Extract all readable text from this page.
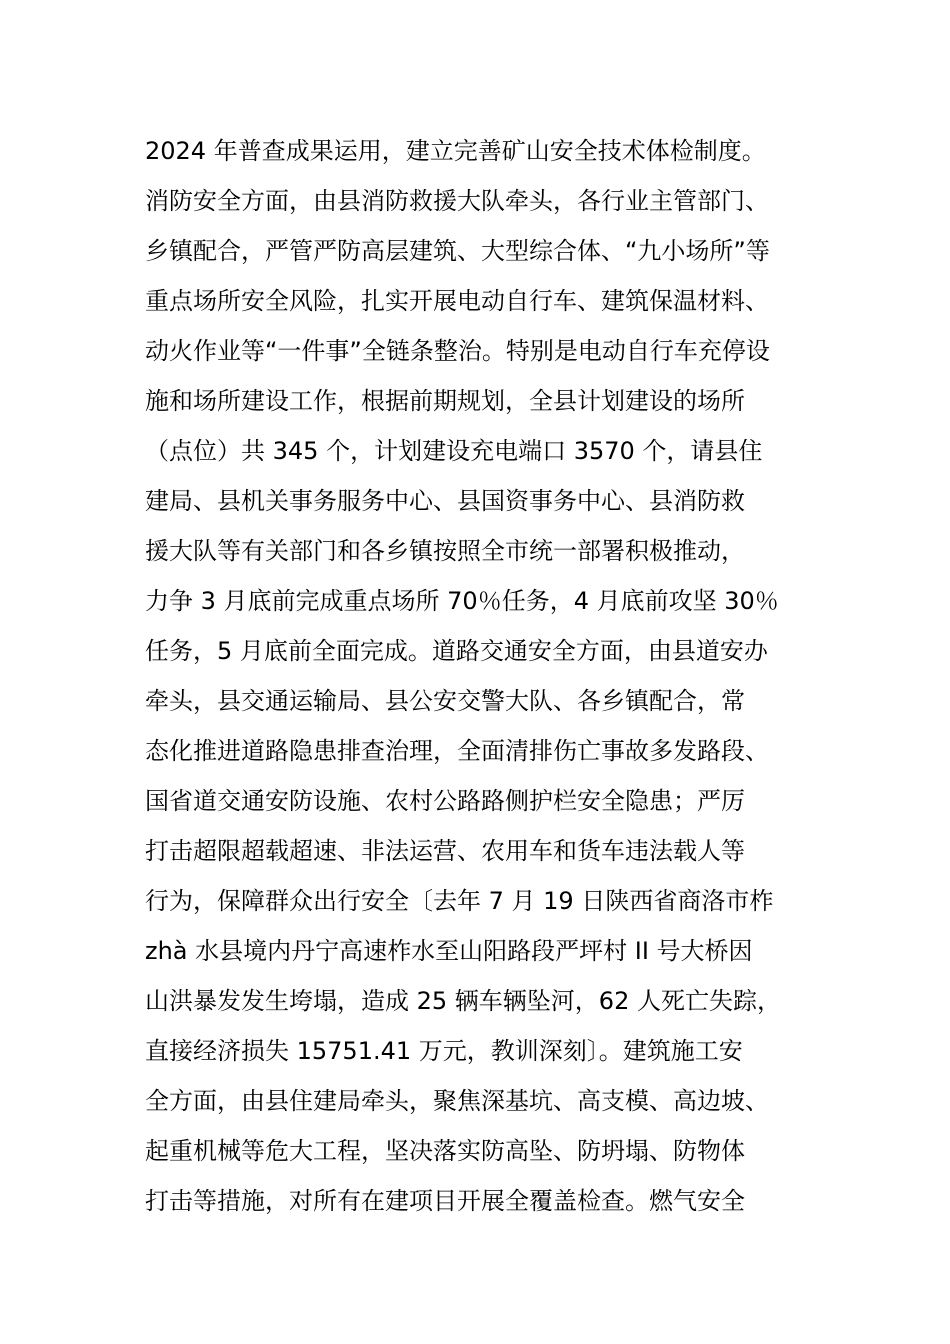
2024 年普查成果运用，建立完善矿山安全技术体检制度。
消防安全方面，由县消防救援大队牵头，各行业主管部门、
乡镇配合，严管严防高层建筑、大型综合体、“九小场所”等
重点场所安全风险，扎实开展电动自行车、建筑保温材料、
动火作业等“一件事”全链条整治。特别是电动自行车充停设
施和场所建设工作，根据前期规划，全县计划建设的场所
（点位）共 345 个，计划建设充电端口 3570 个，请县住
建局、县机关事务服务中心、县国资事务中心、县消防救
援大队等有关部门和各乡镇按照全市统一部署积极推动，
力争 3 月底前完成重点场所 70％任务，4 月底前攻坚 30％
任务，5 月底前全面完成。道路交通安全方面，由县道安办
牵头，县交通运输局、县公安交警大队、各乡镇配合，常
态化推进道路隐患排查治理，全面清排伤亡事故多发路段、
国省道交通安防设施、农村公路路侧护栏安全隐患；严厉
打击超限超载超速、非法运营、农用车和货车违法载人等
行为，保障群众出行安全〔去年 7 月 19 日陕西省商洛市柞
zhà 水县境内丹宁高速柞水至山阳路段严坪村 II 号大桥因
山洪暴发发生垮塌，造成 25 辆车辆坠河，62 人死亡失踪，
直接经济损失 15751.41 万元，教训深刻〕。建筑施工安
全方面，由县住建局牵头，聚焦深基坑、高支模、高边坡、
起重机械等危大工程，坚决落实防高坠、防坍塌、防物体
打击等措施，对所有在建项目开展全覆盖检查。燃气安全
